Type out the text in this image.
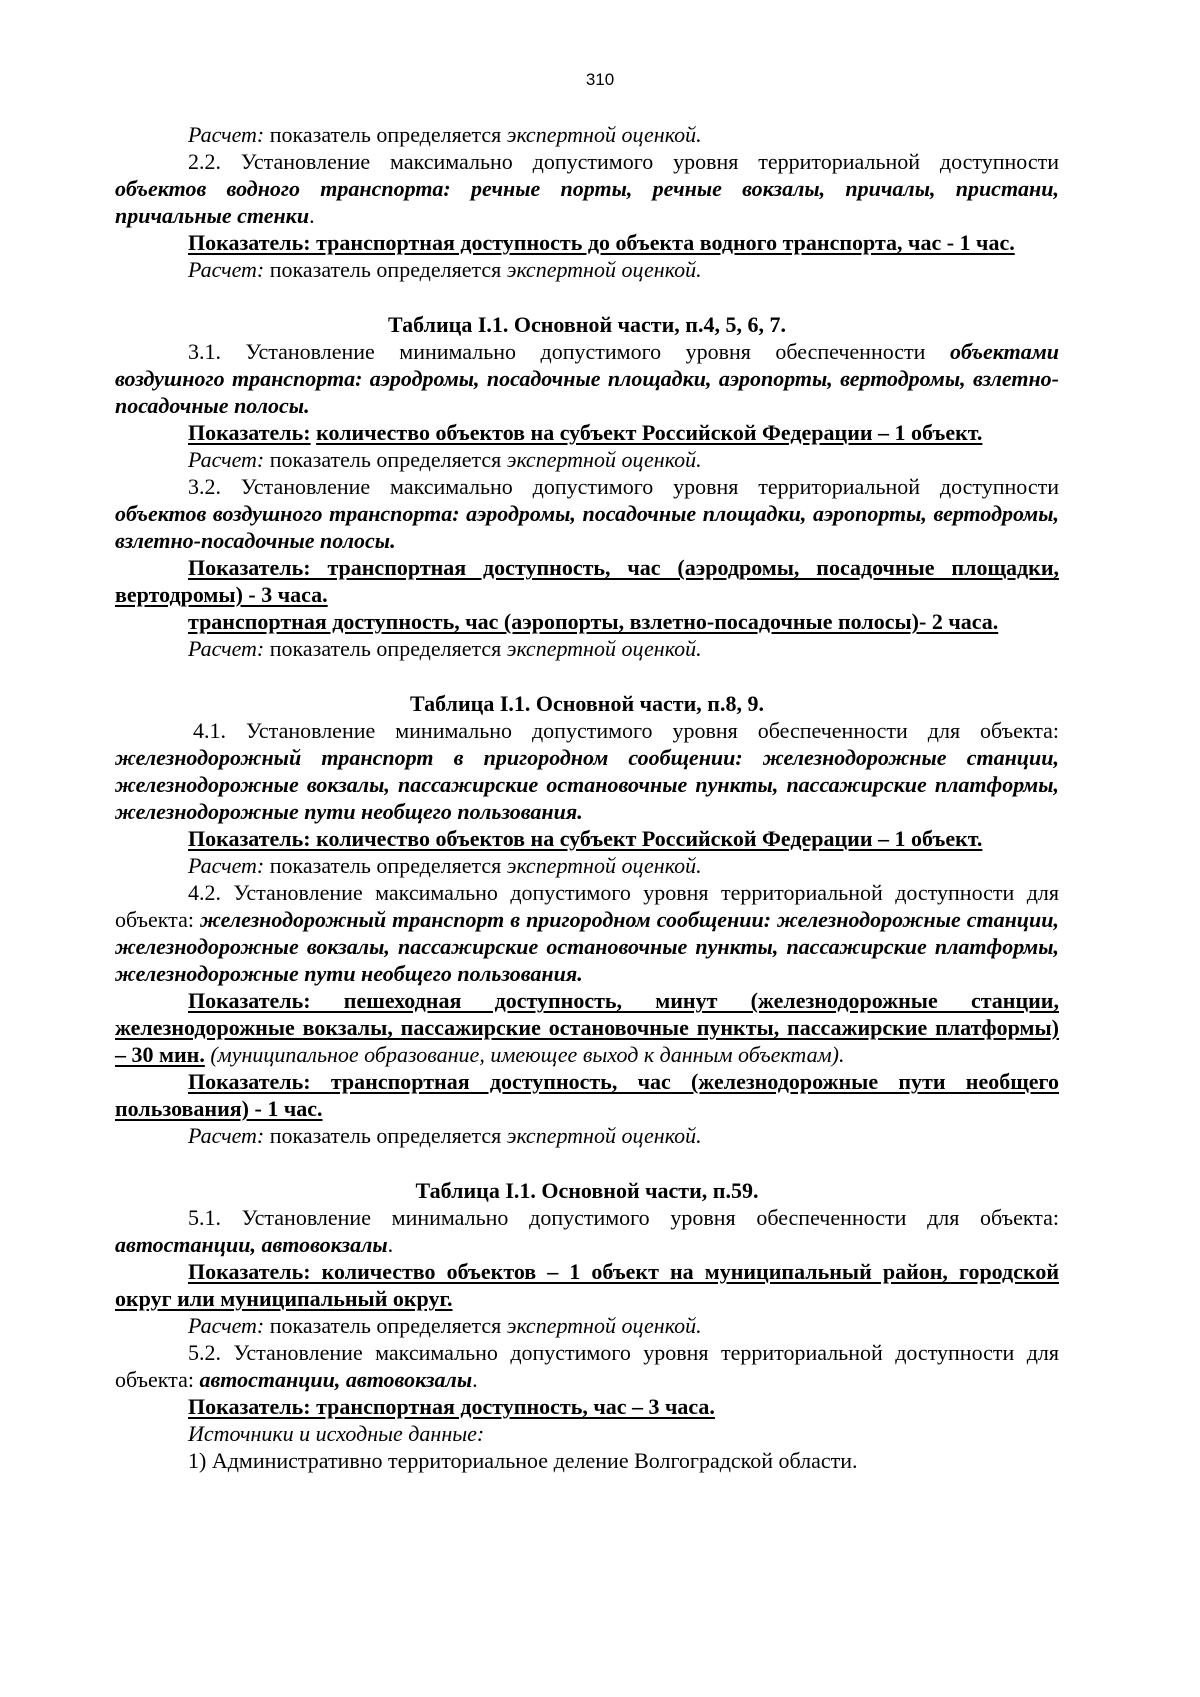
310

Расчет: показатель определяется экспертной оценкой.

2.2. Установление максимально допустимого уровня территориальной доступности объектов водного транспорта: речные порты, речные вокзалы, причалы, пристани, причальные стенки.

Показатель: транспортная доступность до объекта водного транспорта, час - 1 час.

Расчет: показатель определяется экспертной оценкой.

Таблица I.1. Основной части, п.4, 5, 6, 7.

3.1. Установление минимально допустимого уровня обеспеченности объектами воздушного транспорта: аэродромы, посадочные площадки, аэропорты, вертодромы, взлетно-посадочные полосы.

Показатель: количество объектов на субъект Российской Федерации – 1 объект.

Расчет: показатель определяется экспертной оценкой.

3.2. Установление максимально допустимого уровня территориальной доступности объектов воздушного транспорта: аэродромы, посадочные площадки, аэропорты, вертодромы, взлетно-посадочные полосы.

Показатель: транспортная доступность, час (аэродромы, посадочные площадки, вертодромы) - 3 часа.

транспортная доступность, час (аэропорты, взлетно-посадочные полосы)- 2 часа.

Расчет: показатель определяется экспертной оценкой.

Таблица I.1. Основной части, п.8, 9.

4.1. Установление минимально допустимого уровня обеспеченности для объекта: железнодорожный транспорт в пригородном сообщении: железнодорожные станции, железнодорожные вокзалы, пассажирские остановочные пункты, пассажирские платформы, железнодорожные пути необщего пользования.

Показатель: количество объектов на субъект Российской Федерации – 1 объект.

Расчет: показатель определяется экспертной оценкой.

4.2. Установление максимально допустимого уровня территориальной доступности для объекта: железнодорожный транспорт в пригородном сообщении: железнодорожные станции, железнодорожные вокзалы, пассажирские остановочные пункты, пассажирские платформы, железнодорожные пути необщего пользования.

Показатель: пешеходная доступность, минут (железнодорожные станции, железнодорожные вокзалы, пассажирские остановочные пункты, пассажирские платформы) – 30 мин. (муниципальное образование, имеющее выход к данным объектам).

Показатель: транспортная доступность, час (железнодорожные пути необщего пользования) - 1 час.

Расчет: показатель определяется экспертной оценкой.

Таблица I.1. Основной части, п.59.

5.1. Установление минимально допустимого уровня обеспеченности для объекта: автостанции, автовокзалы.

Показатель: количество объектов – 1 объект на муниципальный район, городской округ или муниципальный округ.

Расчет: показатель определяется экспертной оценкой.

5.2. Установление максимально допустимого уровня территориальной доступности для объекта: автостанции, автовокзалы.

Показатель: транспортная доступность, час – 3 часа.

Источники и исходные данные:

1) Административно территориальное деление Волгоградской области.
